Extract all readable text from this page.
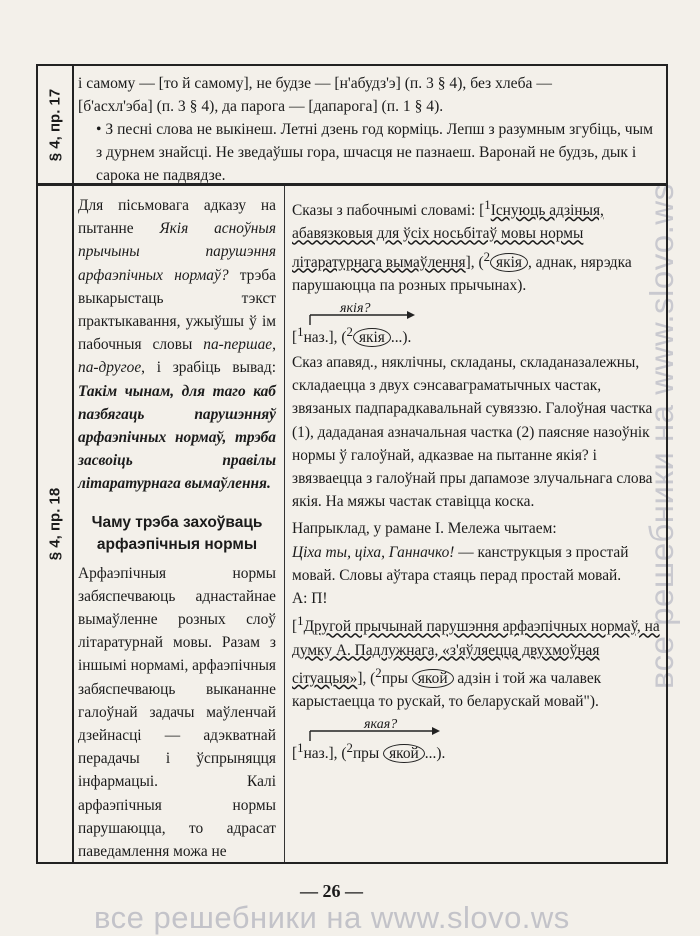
все решебники на www.slovo.ws
все решебники на www.slovo.ws
§ 4, пр. 17

і самому — [то й самому], не будзе — [н'абудз'э] (п. 3 § 4), без хлеба —

[б'асхл'эба] (п. 3 § 4), да парога — [дапарога] (п. 1 § 4).

• З песні слова не выкінеш. Летні дзень год корміць. Лепш з разумным згубіць, чым з дурнем знайсці. Не зведаўшы гора, шчасця не пазнаеш. Варонай не будзь, дык і сарока не падвядзе.

§ 4, пр. 18

Для пісьмовага адказу на пытанне Якія асноўныя прычыны парушэння арфаэпічных нормаў? трэба выкарыстаць тэкст практыкавання, ужыўшы ў ім пабочныя словы па-першае, па-другое, і зрабіць вывад: Такім чынам, для таго каб пазбягаць парушэнняў арфаэпічных нормаў, трэба засвоіць правілы літаратурнага вымаўлення.

Чаму трэба захоўваць арфаэпічныя нормы

Арфаэпічныя нормы забяспечваюць аднастайнае вымаўленне розных слоў літаратурнай мовы. Разам з іншымі нормамі, арфаэпічныя забяспечваюць выкананне галоўнай задачы маўленчай дзейнасці — адэкватнай перадачы і ўспрыняцця інфармацыі. Калі арфаэпічныя нормы парушаюцца, то адрасат паведамлення можа не

Сказы з пабочнымі словамі: [$^1$Існуюць адзіныя, абавязковыя для ўсіх носьбітаў мовы нормы літаратурнага вымаўлення], ($^2$ якія , аднак, нярэдка парушаюцца па розных прычынах).

якія?
[$^1$наз.], ($^2$ якія ...).

Сказ апавяд., няклічны, складаны, складаназалежны, складаецца з двух сэнсаваграматычных частак, звязаных падпарадкавальнай сувяззю. Галоўная частка (1), дададаная азначальная частка (2) паясняе назоўнік нормы ў галоўнай, адказвае на пытанне якія? і звязваецца з галоўнай пры дапамозе злучальнага слова якія. На мяжы частак ставіцца коска.

Напрыклад, у рамане І. Мележа чытаем:

Ціха ты, ціха, Ганначко! — канструкцыя з простай мовай. Словы аўтара стаяць перад простай мовай.

А: П!

[$^1$Другой прычынай парушэння арфаэпічных нормаў, на думку А. Падлужнага, «з'яўляецца двухмоўная сітуацыя»], ($^2$пры якой адзін і той жа чалавек карыстаецца то рускай, то беларускай мовай").

якая?
[$^1$наз.], ($^2$пры якой ...).
— 26 —
